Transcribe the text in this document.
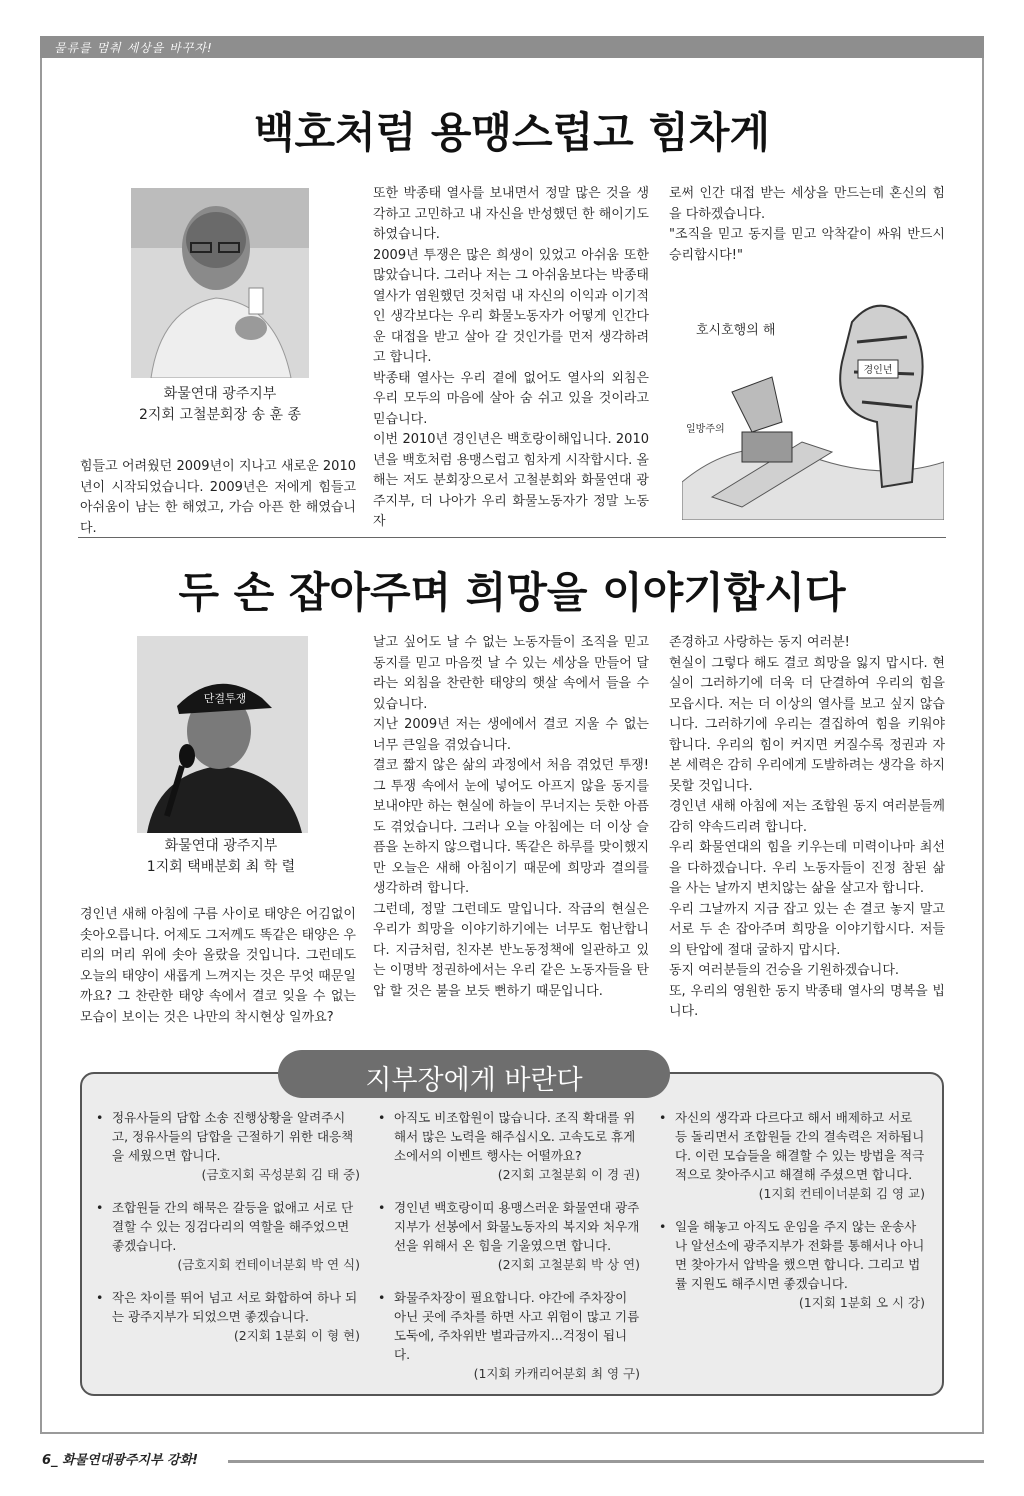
물류를 멈춰 세상을 바꾸자!
백호처럼 용맹스럽고 힘차게
화물연대 광주지부
2지회 고철분회장 송 훈 종

힘들고 어려웠던 2009년이 지나고 새로운 2010년이 시작되었습니다. 2009년은 저에게 힘들고 아쉬움이 남는 한 해였고, 가슴 아픈 한 해였습니다.

또한 박종태 열사를 보내면서 정말 많은 것을 생각하고 고민하고 내 자신을 반성했던 한 해이기도 하였습니다.

2009년 투쟁은 많은 희생이 있었고 아쉬움 또한 많았습니다. 그러나 저는 그 아쉬움보다는 박종태 열사가 염원했던 것처럼 내 자신의 이익과 이기적인 생각보다는 우리 화물노동자가 어떻게 인간다운 대접을 받고 살아 갈 것인가를 먼저 생각하려고 합니다.

박종태 열사는 우리 곁에 없어도 열사의 외침은 우리 모두의 마음에 살아 숨 쉬고 있을 것이라고 믿습니다.

이번 2010년 경인년은 백호랑이해입니다. 2010년을 백호처럼 용맹스럽고 힘차게 시작합시다. 올해는 저도 분회장으로서 고철분회와 화물연대 광주지부, 더 나아가 우리 화물노동자가 정말 노동자

로써 인간 대접 받는 세상을 만드는데 혼신의 힘을 다하겠습니다.

"조직을 믿고 동지를 믿고 악착같이 싸워 반드시 승리합시다!"

경인년
호시호행의 해
일방주의
두 손 잡아주며 희망을 이야기합시다
단결투쟁
화물연대 광주지부
1지회 택배분회 최 학 렬

경인년 새해 아침에 구름 사이로 태양은 어김없이 솟아오릅니다. 어제도 그저께도 똑같은 태양은 우리의 머리 위에 솟아 올랐을 것입니다. 그런데도 오늘의 태양이 새롭게 느껴지는 것은 무엇 때문일까요? 그 찬란한 태양 속에서 결코 잊을 수 없는 모습이 보이는 것은 나만의 착시현상 일까요?

날고 싶어도 날 수 없는 노동자들이 조직을 믿고 동지를 믿고 마음껏 날 수 있는 세상을 만들어 달라는 외침을 찬란한 태양의 햇살 속에서 들을 수 있습니다.

지난 2009년 저는 생에에서 결코 지울 수 없는 너무 큰일을 겪었습니다.

결코 짧지 않은 삶의 과정에서 처음 겪었던 투쟁! 그 투쟁 속에서 눈에 넣어도 아프지 않을 동지를 보내야만 하는 현실에 하늘이 무너지는 듯한 아픔도 겪었습니다. 그러나 오늘 아침에는 더 이상 슬픔을 논하지 않으렵니다. 똑같은 하루를 맞이했지만 오늘은 새해 아침이기 때문에 희망과 결의를 생각하려 합니다.

그런데, 정말 그런데도 말입니다. 작금의 현실은 우리가 희망을 이야기하기에는 너무도 험난합니다. 지금처럼, 친자본 반노동정책에 일관하고 있는 이명박 정권하에서는 우리 같은 노동자들을 탄압 할 것은 불을 보듯 뻔하기 때문입니다.

존경하고 사랑하는 동지 여러분!

현실이 그렇다 해도 결코 희망을 잃지 맙시다. 현실이 그러하기에 더욱 더 단결하여 우리의 힘을 모읍시다. 저는 더 이상의 열사를 보고 싶지 않습니다. 그러하기에 우리는 결집하여 힘을 키워야 합니다. 우리의 힘이 커지면 커질수록 정권과 자본 세력은 감히 우리에게 도발하려는 생각을 하지 못할 것입니다.

경인년 새해 아침에 저는 조합원 동지 여러분들께 감히 약속드리려 합니다.

우리 화물연대의 힘을 키우는데 미력이나마 최선을 다하겠습니다. 우리 노동자들이 진정 참된 삶을 사는 날까지 변치않는 삶을 살고자 합니다.

우리 그날까지 지금 잡고 있는 손 결코 놓지 말고 서로 두 손 잡아주며 희망을 이야기합시다. 저들의 탄압에 절대 굴하지 맙시다.

동지 여러분들의 건승을 기원하겠습니다.

또, 우리의 영원한 동지 박종태 열사의 명복을 빕니다.

지부장에게 바란다
• 정유사들의 담합 소송 진행상황을 알려주시고, 정유사들의 담합을 근절하기 위한 대응책을 세웠으면 합니다.
(금호지회 곡성분회 김 태 중)
• 조합원들 간의 해묵은 갈등을 없애고 서로 단결할 수 있는 징검다리의 역할을 해주었으면 좋겠습니다.
(금호지회 컨테이너분회 박 연 식)
• 작은 차이를 뛰어 넘고 서로 화합하여 하나 되는 광주지부가 되었으면 좋겠습니다.
(2지회 1분회 이 형 현)
• 아직도 비조합원이 많습니다. 조직 확대를 위해서 많은 노력을 해주십시오. 고속도로 휴게소에서의 이벤트 행사는 어떨까요?
(2지회 고철분회 이 경 권)
• 경인년 백호랑이띠 용맹스러운 화물연대 광주지부가 선봉에서 화물노동자의 복지와 처우개선을 위해서 온 힘을 기울였으면 합니다.
(2지회 고철분회 박 상 연)
• 화물주차장이 필요합니다. 야간에 주차장이 아닌 곳에 주차를 하면 사고 위험이 많고 기름도둑에, 주차위반 벌과금까지...걱정이 됩니다.
(1지회 카캐리어분회 최 영 구)
• 자신의 생각과 다르다고 해서 배제하고 서로 등 돌리면서 조합원들 간의 결속력은 저하됩니다. 이런 모습들을 해결할 수 있는 방법을 적극적으로 찾아주시고 해결해 주셨으면 합니다.
(1지회 컨테이너분회 김 영 교)
• 일을 해놓고 아직도 운임을 주지 않는 운송사나 알선소에 광주지부가 전화를 통해서나 아니면 찾아가서 압박을 했으면 합니다. 그리고 법률 지원도 해주시면 좋겠습니다.
(1지회 1분회 오 시 강)
6_ 화물연대광주지부 강화!
